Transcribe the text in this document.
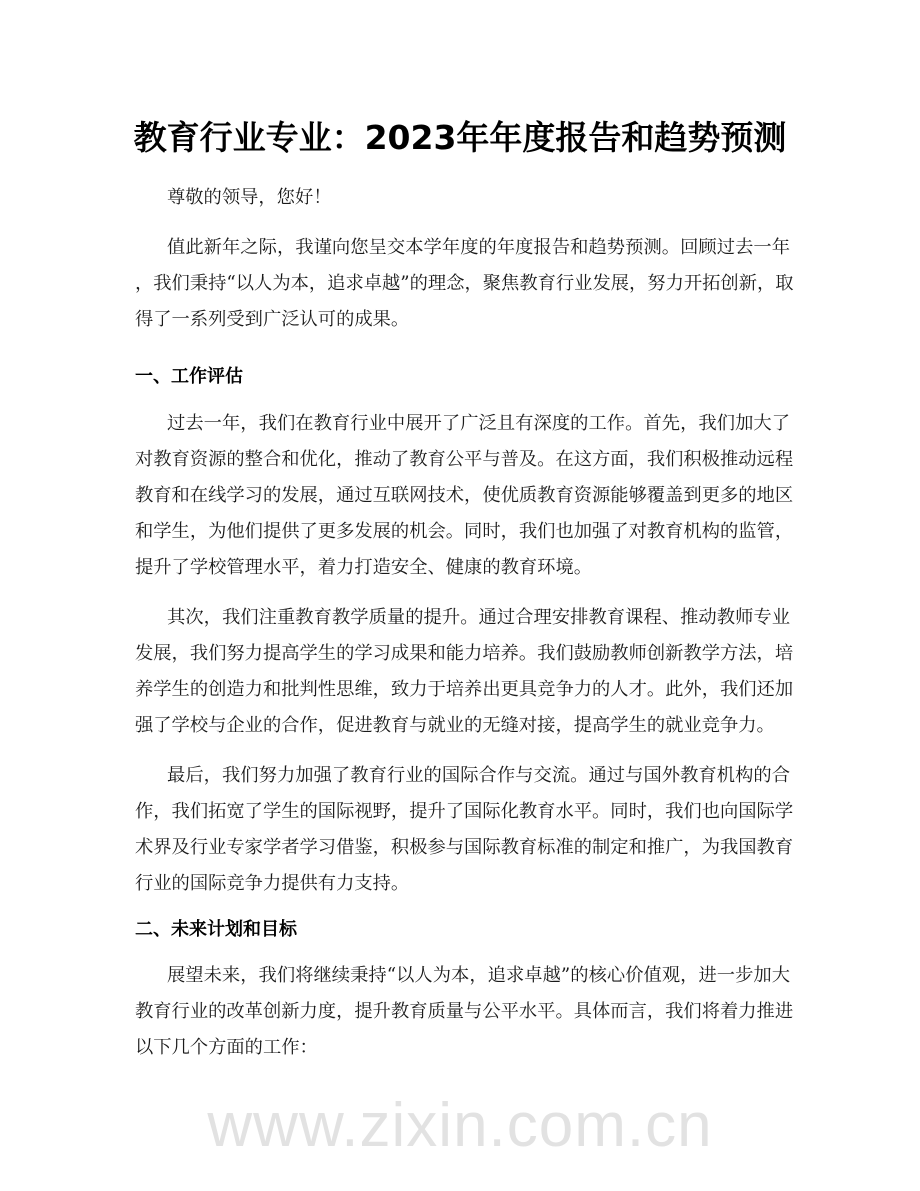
教育行业专业：2023年年度报告和趋势预测
尊敬的领导，您好！
值此新年之际，我谨向您呈交本学年度的年度报告和趋势预测。回顾过去一年
，我们秉持“以人为本，追求卓越”的理念，聚焦教育行业发展，努力开拓创新，取
得了一系列受到广泛认可的成果。
一、工作评估
过去一年，我们在教育行业中展开了广泛且有深度的工作。首先，我们加大了
对教育资源的整合和优化，推动了教育公平与普及。在这方面，我们积极推动远程
教育和在线学习的发展，通过互联网技术，使优质教育资源能够覆盖到更多的地区
和学生，为他们提供了更多发展的机会。同时，我们也加强了对教育机构的监管，
提升了学校管理水平，着力打造安全、健康的教育环境。
其次，我们注重教育教学质量的提升。通过合理安排教育课程、推动教师专业
发展，我们努力提高学生的学习成果和能力培养。我们鼓励教师创新教学方法，培
养学生的创造力和批判性思维，致力于培养出更具竞争力的人才。此外，我们还加
强了学校与企业的合作，促进教育与就业的无缝对接，提高学生的就业竞争力。
最后，我们努力加强了教育行业的国际合作与交流。通过与国外教育机构的合
作，我们拓宽了学生的国际视野，提升了国际化教育水平。同时，我们也向国际学
术界及行业专家学者学习借鉴，积极参与国际教育标准的制定和推广，为我国教育
行业的国际竞争力提供有力支持。
二、未来计划和目标
展望未来，我们将继续秉持“以人为本，追求卓越”的核心价值观，进一步加大
教育行业的改革创新力度，提升教育质量与公平水平。具体而言，我们将着力推进
以下几个方面的工作：
www.zixin.com.cn
